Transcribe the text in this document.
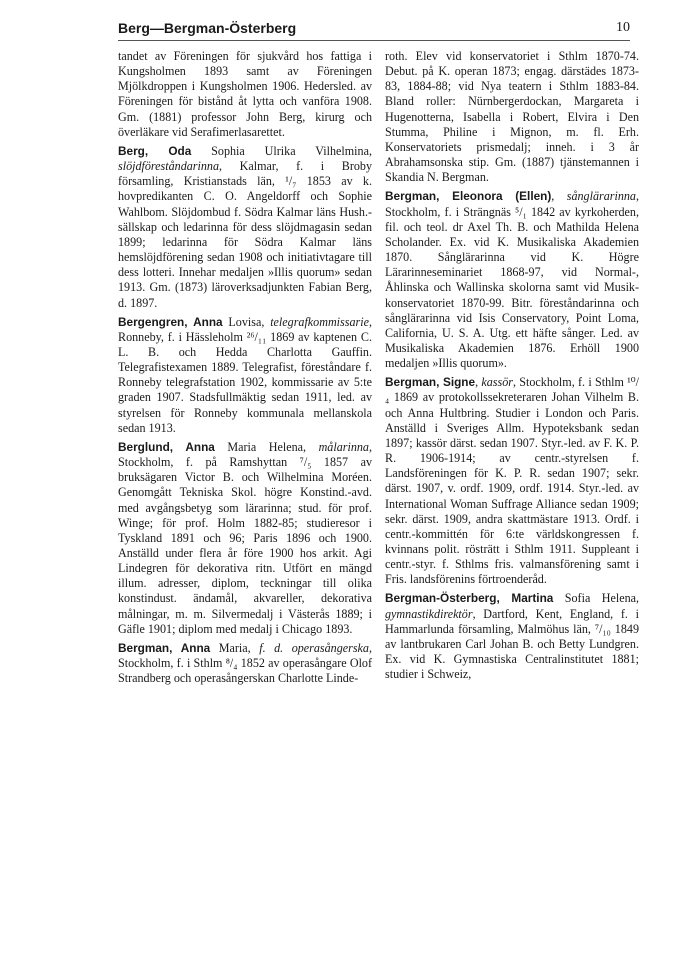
Berg—Bergman-Österberg	10

tandet av Föreningen för sjukvård hos fattiga i Kungsholmen 1893 samt av Föreningen Mjölkdroppen i Kungsholmen 1906. Hedersled. av Föreningen för bistånd åt lytta och vanföra 1908. Gm. (1881) professor John Berg, kirurg och överläkare vid Serafimerlasarettet.

Berg, Oda Sophia Ulrika Vilhelmina, slöjdföreståndarinna, Kalmar, f. i Broby församling, Kristianstads län, ¹/₇ 1853 av k. hovpredikanten C. O. Angeldorff och Sophie Wahlbom. Slöjdombud f. Södra Kalmar läns Hush.-sällskap och ledarinna för dess slöjdmagasin sedan 1899; ledarinna för Södra Kalmar läns hemslöjdförening sedan 1908 och initiativtagare till dess lotteri. Innehar medaljen »Illis quorum» sedan 1913. Gm. (1873) läroverksadjunkten Fabian Berg, d. 1897.

Bergengren, Anna Lovisa, telegrafkommissarie, Ronneby, f. i Hässleholm ²⁶/₁₁ 1869 av kaptenen C. L. B. och Hedda Charlotta Gauffin. Telegrafistexamen 1889. Telegrafist, föreståndare f. Ronneby telegrafstation 1902, kommissarie av 5:te graden 1907. Stadsfullmäktig sedan 1911, led. av styrelsen för Ronneby kommunala mellanskola sedan 1913.

Berglund, Anna Maria Helena, målarinna, Stockholm, f. på Ramshyttan ⁷/₅ 1857 av bruksägaren Victor B. och Wilhelmina Moréen. Genomgått Tekniska Skol. högre Konstind.-avd. med avgångsbetyg som lärarinna; stud. för prof. Winge; för prof. Holm 1882-85; studieresor i Tyskland 1891 och 96; Paris 1896 och 1900. Anställd under flera år före 1900 hos arkit. Agi Lindegren för dekorativa ritn. Utfört en mängd illum. adresser, diplom, teckningar till olika konstindust. ändamål, akvareller, dekorativa målningar, m. m. Silvermedalj i Västerås 1889; i Gäfle 1901; diplom med medalj i Chicago 1893.

Bergman, Anna Maria, f. d. operasångerska, Stockholm, f. i Sthlm ⁸/₄ 1852 av operasångare Olof Strandberg och operasångerskan Charlotte Linde-

roth. Elev vid konservatoriet i Sthlm 1870-74. Debut. på K. operan 1873; engag. därstädes 1873-83, 1884-88; vid Nya teatern i Sthlm 1883-84. Bland roller: Nürnbergerdockan, Margareta i Hugenotterna, Isabella i Robert, Elvira i Den Stumma, Philine i Mignon, m. fl. Erh. Konservatoriets prismedalj; inneh. i 3 år Abrahamsonska stip. Gm. (1887) tjänstemannen i Skandia N. Bergman.

Bergman, Eleonora (Ellen), sånglärarinna, Stockholm, f. i Strängnäs ⁵/₁ 1842 av kyrkoherden, fil. och teol. dr Axel Th. B. och Mathilda Helena Scholander. Ex. vid K. Musikaliska Akademien 1870. Sånglärarinna vid K. Högre Lärarinneseminariet 1868-97, vid Normal-, Åhlinska och Wallinska skolorna samt vid Musik-konservatoriet 1870-99. Bitr. föreståndarinna och sånglärarinna vid Isis Conservatory, Point Loma, California, U. S. A. Utg. ett häfte sånger. Led. av Musikaliska Akademien 1876. Erhöll 1900 medaljen »Illis quorum».

Bergman, Signe, kassör, Stockholm, f. i Sthlm ¹⁰/₄ 1869 av protokollssekreteraren Johan Vilhelm B. och Anna Hultbring. Studier i London och Paris. Anställd i Sveriges Allm. Hypoteksbank sedan 1897; kassör därst. sedan 1907. Styr.-led. av F. K. P. R. 1906-1914; av centr.-styrelsen f. Landsföreningen för K. P. R. sedan 1907; sekr. därst. 1907, v. ordf. 1909, ordf. 1914. Styr.-led. av International Woman Suffrage Alliance sedan 1909; sekr. därst. 1909, andra skattmästare 1913. Ordf. i centr.-kommittén för 6:te världskongressen f. kvinnans polit. rösträtt i Sthlm 1911. Suppleant i centr.-styr. f. Sthlms fris. valmansförening samt i Fris. landsförenins förtroenderåd.

Bergman-Österberg, Martina Sofia Helena, gymnastikdirektör, Dartford, Kent, England, f. i Hammarlunda församling, Malmöhus län, ⁷/₁₀ 1849 av lantbrukaren Carl Johan B. och Betty Lundgren. Ex. vid K. Gymnastiska Centralinstitutet 1881; studier i Schweiz,
